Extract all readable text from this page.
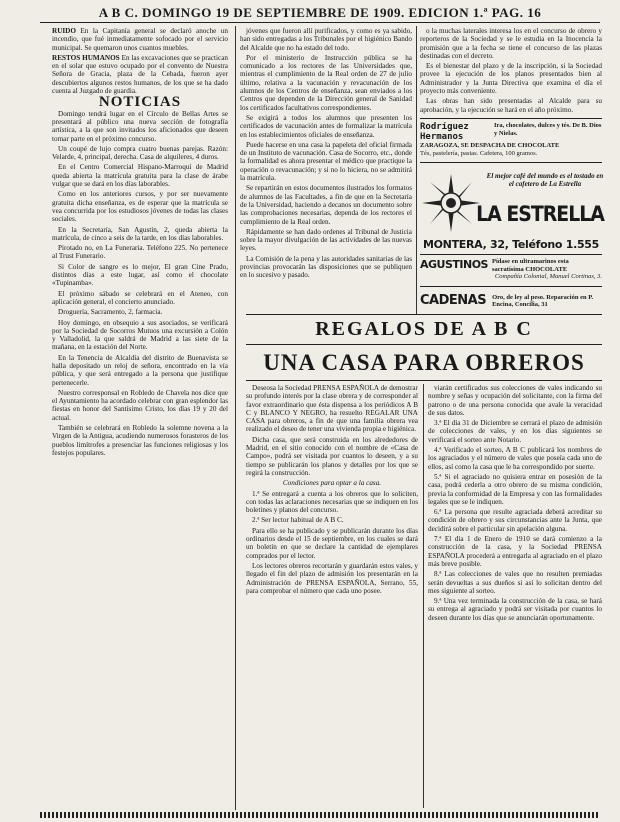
A B C. DOMINGO 19 DE SEPTIEMBRE DE 1909. EDICION 1.ª PAG. 16

RUIDO En la Capitanía general se declaró anoche un incendio, que fué inmediatamente sofocado por el servicio municipal. Se quemaron unos cuantos muebles.

RESTOS HUMANOS En las excavaciones que se practican en el solar que estuvo ocupado por el convento de Nuestra Señora de Gracia, plaza de la Cebada, fueron ayer descubiertos algunos restos humanos, de los que se ha dado cuenta al Juzgado de guardia.

NOTICIAS

Domingo tendrá lugar en el Círculo de Bellas Artes se presentará al público una nueva sección de fotografía artística, a la que son invitados los aficionados que deseen tomar parte en el próximo concurso.

Un coupé de lujo compra cuatro buenas parejas. Razón: Velarde, 4, principal, derecha. Casa de alquileres, 4 duros.

En el Centro Comercial Hispano-Marroquí de Madrid queda abierta la matrícula gratuita para la clase de árabe vulgar que se dará en los días laborables.

Como en los anteriores cursos, y por ser nuevamente gratuita dicha enseñanza, es de esperar que la matrícula se vea concurrida por los estudiosos jóvenes de todas las clases sociales.

En la Secretaría, San Agustín, 2, queda abierta la matrícula, de cinco a seis de la tarde, en los días laborables.

Pirotado no, en La Funeraria. Teléfono 225. No pertenece al Trust Funerario.

Si Color de sangre es lo mejor, El gran Cine Prado, distintos días a este lugar, así como el chocolate «Tupinamba».

El próximo sábado se celebrará en el Ateneo, con aplicación general, el concierto anunciado.

Droguería, Sacramento, 2, farmacia.

Hoy domingo, en obsequio a sus asociados, se verificará por la Sociedad de Socorros Mutuos una excursión a Colón y Valladolid, la que saldrá de Madrid a las siete de la mañana, en la estación del Norte.

En la Tenencia de Alcaldía del distrito de Buenavista se halla depositado un reloj de señora, encontrado en la vía pública, y que será entregado a la persona que justifique pertenecerle.

Nuestro corresponsal en Robledo de Chavela nos dice que el Ayuntamiento ha acordado celebrar con gran esplendor las fiestas en honor del Santísimo Cristo, los días 19 y 20 del actual.

También se celebrará en Robledo la solemne novena a la Virgen de la Antigua, acudiendo numerosos forasteros de los pueblos limítrofes a presenciar las funciones religiosas y los festejos populares.

jóvenes que fueron allí purificados, y como es ya sabido, han sido entregadas a los Tribunales por el higiénico Bando del Alcalde que no ha estado del todo.

Por el ministerio de Instrucción pública se ha comunicado a los rectores de las Universidades que, mientras el cumplimiento de la Real orden de 27 de julio último, relativa a la vacunación y revacunación de los alumnos de los Centros de enseñanza, sean enviados a los Centros que dependen de la Dirección general de Sanidad los certificados facultativos correspondientes.

Se exigirá a todos los alumnos que presenten los certificados de vacunación antes de formalizar la matrícula en los establecimientos oficiales de enseñanza.

Puede hacerse en una casa la papeleta del oficial firmada de un Instituto de vacunación. Casa de Socorro, etc., donde la formalidad es ahora presentar el médico que practique la operación o revacunación; y si no lo hiciera, no se admitirá la matrícula.

Se repartirán en estos documentos ilustrados los formatos de alumnos de las Facultades, a fin de que en la Secretaría de la Universidad, haciendo a decanos un documento sobre las comprobaciones necesarias, dependa de los rectores el cumplimiento de la Real orden.

Rápidamente se han dado ordenes al Tribunal de Justicia sobre la mayor divulgación de las actividades de las nuevas leyes.

La Comisión de la pena y las autoridades sanitarias de las provincias provocarán las disposiciones que se publiquen en lo sucesivo y pasado.

o la muchas laterales interesa los en el concurso de obrero y reporteros de la Sociedad y se le estudia en la Inocencia la promisión que a la fecha se tiene el concurso de las plazas destinadas con el decreto.

Es el bienestar del plazo y de la inscripción, si la Sociedad provee la ejecución de los planos presentados bien al Administrador y la Junta Directiva que examina el día el proyecto más conveniente.

Las obras han sido presentadas al Alcalde para su aprobación, y la ejecución se hará en el año próximo.

Rodríguez Hermanos
Ira, chocolates, dulces y tés. De B. Dios y Nielas.
ZARAGOZA, SE DESPACHA DE CHOCOLATE
Tés, pastelería, pastas. Cafetera, 100 gramos.
El mejor café del mundo es el tostado en el cafetero de La Estrella
LA ESTRELLA
MONTERA, 32, Teléfono 1.555
AGUSTINOS Pídase en ultramarinos esta sacratísima CHOCOLATE
Compañía Colonial, Manuel Cortinas, 3.
CADENAS Oro, de ley al peso. Reparación en P. Encina, Concilia, 31
REGALOS DE A B C
UNA CASA PARA OBREROS

Deseosa la Sociedad PRENSA ESPAÑOLA de demostrar su profundo interés por la clase obrera y de corresponder al favor extraordinario que ésta dispensa a los periódicos A B C y BLANCO Y NEGRO, ha resuelto REGALAR UNA CASA para obreros, a fin de que una familia obrera vea realizado el deseo de tener una vivienda propia e higiénica.

Dicha casa, que será construida en los alrededores de Madrid, en el sitio conocido con el nombre de «Casa de Campo», podrá ser visitada por cuantos lo deseen, y a su tiempo se publicarán los planos y detalles por los que se regirá la construcción.

Condiciones para optar a la casa.

1.ª Se entregará a cuenta a los obreros que lo soliciten, con todas las aclaraciones necesarias que se indiquen en los boletines y planos del concurso.

2.ª Ser lector habitual de A B C.

Para ello se ha publicado y se publicarán durante los días ordinarios desde el 15 de septiembre, en los cuales se dará un boletín en que se declare la cantidad de ejemplares comprados por el lector.

Los lectores obreros recortarán y guardarán estos vales, y llegado el fin del plazo de admisión los presentarán en la Administración de PRENSA ESPAÑOLA, Serrano, 55, para comprobar el número que cada uno posee.

viarán certificados sus colecciones de vales indicando su nombre y señas y ocupación del solicitante, con la firma del patrono o de una persona conocida que avale la veracidad de sus datos.

3.ª El día 31 de Diciembre se cerrará el plazo de admisión de colecciones de vales, y en los días siguientes se verificará el sorteo ante Notario.

4.ª Verificado el sorteo, A B C publicará los nombres de los agraciados y el número de vales que poseía cada uno de ellos, así como la casa que le ha correspondido por suerte.

5.ª Si el agraciado no quisiera entrar en posesión de la casa, podrá cederla a otro obrero de su misma condición, previa la conformidad de la Empresa y con las formalidades legales que se le indiquen.

6.ª La persona que resulte agraciada deberá acreditar su condición de obrero y sus circunstancias ante la Junta, que decidirá sobre el particular sin apelación alguna.

7.ª El día 1 de Enero de 1910 se dará comienzo a la construcción de la casa, y la Sociedad PRENSA ESPAÑOLA procederá a entregarla al agraciado en el plazo más breve posible.

8.ª Las colecciones de vales que no resulten premiadas serán devueltas a sus dueños si así lo solicitan dentro del mes siguiente al sorteo.

9.ª Una vez terminada la construcción de la casa, se hará su entrega al agraciado y podrá ser visitada por cuantos lo deseen durante los días que se anunciarán oportunamente.
